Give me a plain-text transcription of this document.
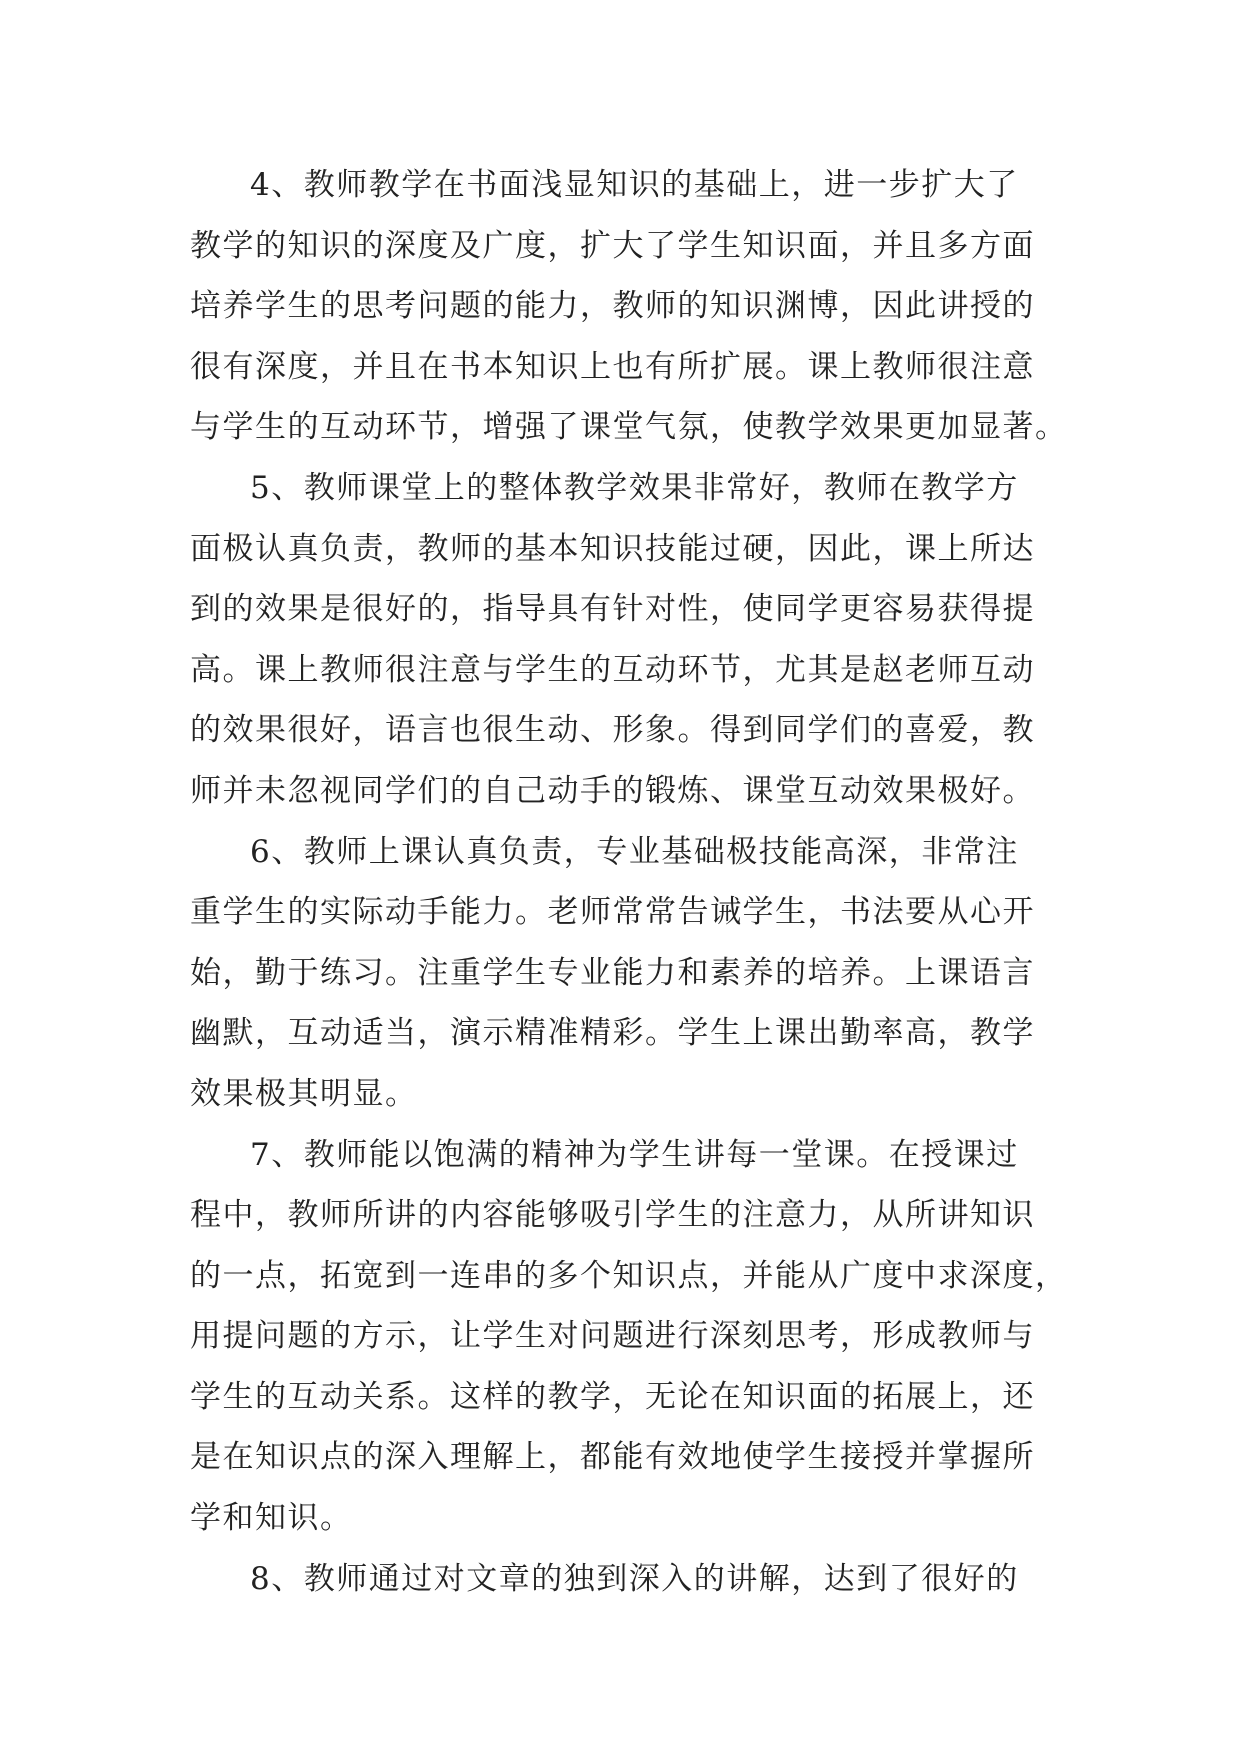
4、教师教学在书面浅显知识的基础上，进一步扩大了
教学的知识的深度及广度，扩大了学生知识面，并且多方面
培养学生的思考问题的能力，教师的知识渊博，因此讲授的
很有深度，并且在书本知识上也有所扩展。课上教师很注意
与学生的互动环节，增强了课堂气氛，使教学效果更加显著。
5、教师课堂上的整体教学效果非常好，教师在教学方
面极认真负责，教师的基本知识技能过硬，因此，课上所达
到的效果是很好的，指导具有针对性，使同学更容易获得提
高。课上教师很注意与学生的互动环节，尤其是赵老师互动
的效果很好，语言也很生动、形象。得到同学们的喜爱，教
师并未忽视同学们的自己动手的锻炼、课堂互动效果极好。
6、教师上课认真负责，专业基础极技能高深，非常注
重学生的实际动手能力。老师常常告诫学生，书法要从心开
始，勤于练习。注重学生专业能力和素养的培养。上课语言
幽默，互动适当，演示精准精彩。学生上课出勤率高，教学
效果极其明显。
7、教师能以饱满的精神为学生讲每一堂课。在授课过
程中，教师所讲的内容能够吸引学生的注意力，从所讲知识
的一点，拓宽到一连串的多个知识点，并能从广度中求深度，
用提问题的方示，让学生对问题进行深刻思考，形成教师与
学生的互动关系。这样的教学，无论在知识面的拓展上，还
是在知识点的深入理解上，都能有效地使学生接授并掌握所
学和知识。
8、教师通过对文章的独到深入的讲解，达到了很好的
